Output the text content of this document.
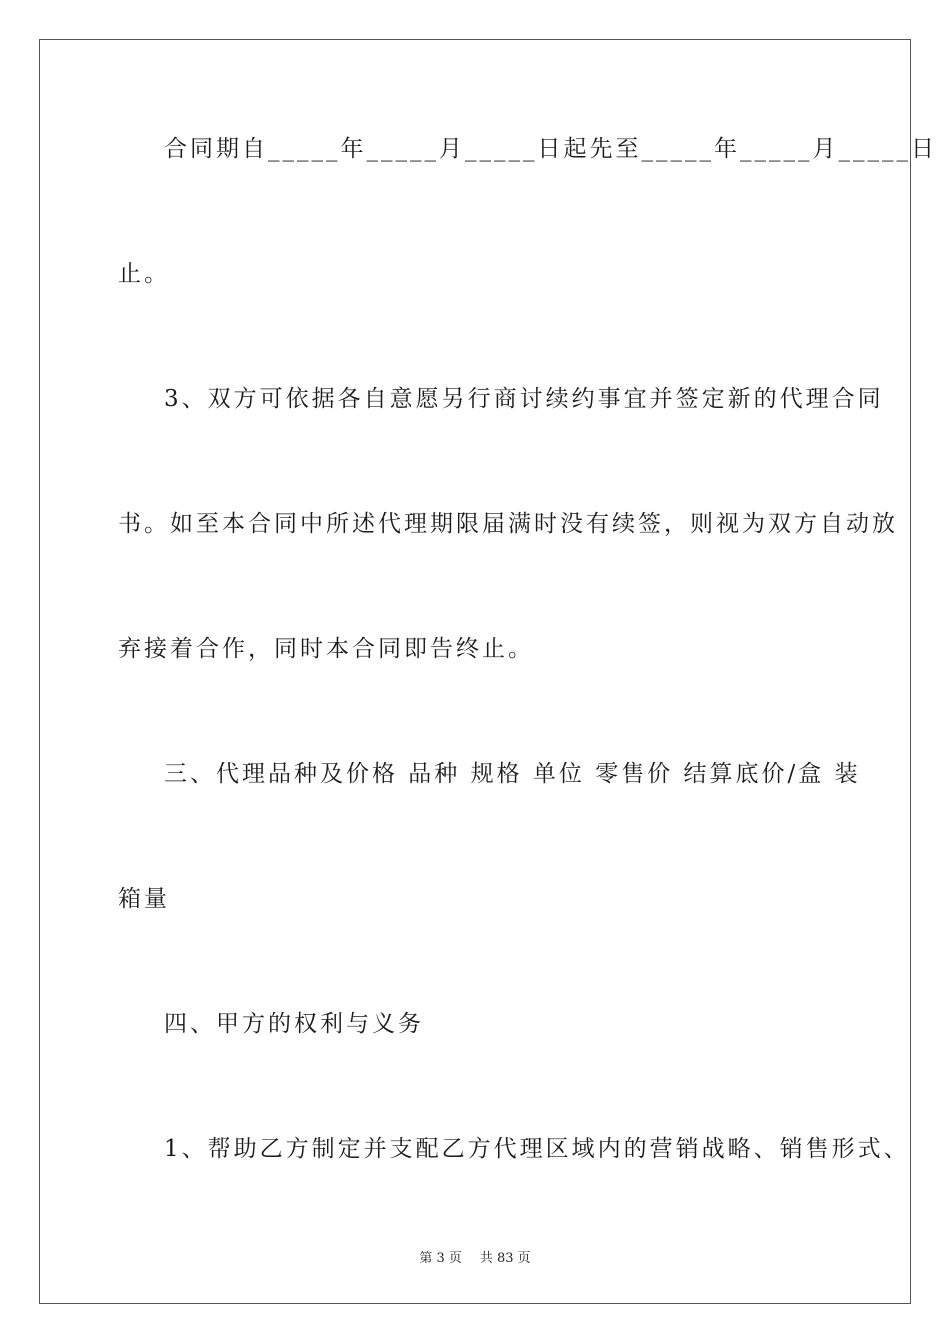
合同期自_____年_____月_____日起先至_____年_____月_____日
止。
3、双方可依据各自意愿另行商讨续约事宜并签定新的代理合同
书。如至本合同中所述代理期限届满时没有续签，则视为双方自动放
弃接着合作，同时本合同即告终止。
三、代理品种及价格 品种 规格 单位 零售价 结算底价/盒 装
箱量
四、甲方的权利与义务
1、帮助乙方制定并支配乙方代理区域内的营销战略、销售形式、
第 3 页 共 83 页
